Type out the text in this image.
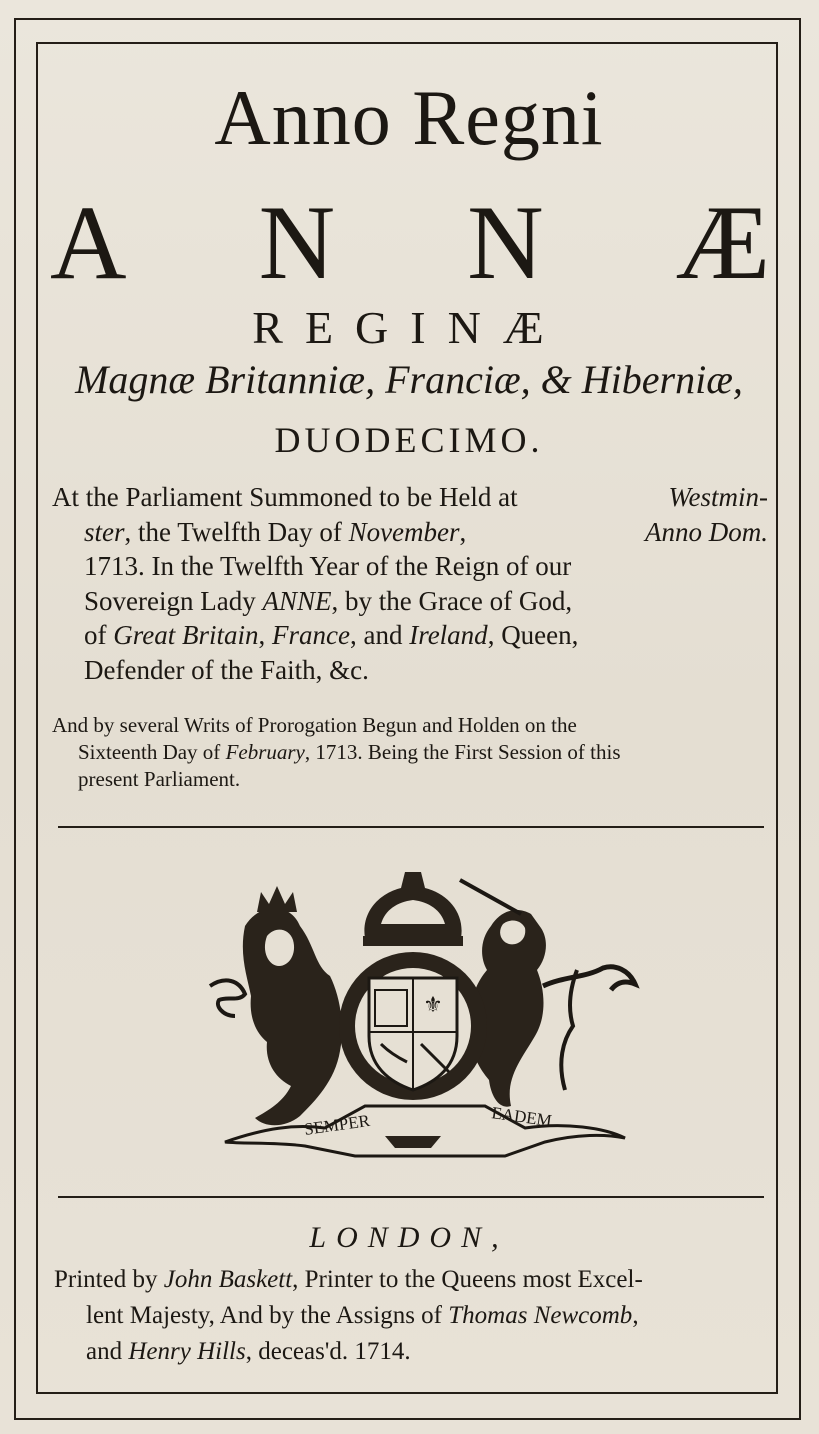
Anno Regni
A N N Æ
REGINÆ
Magnæ Britanniæ, Franciæ, & Hiberniæ,
DUODECIMO.
At the Parliament Summoned to be Held at	Westmin-
ster, the Twelfth Day of November,	Anno Dom.
1713. In the Twelfth Year of the Reign of our
Sovereign Lady ANNE, by the Grace of God,
of Great Britain, France, and Ireland, Queen,
Defender of the Faith, &c.
And by several Writs of Prorogation Begun and Holden on the
Sixteenth Day of February, 1713. Being the First Session of this
present Parliament.
SEMPER	EADEM
⚜
LONDON,
Printed by John Baskett, Printer to the Queens most Excel-
lent Majesty, And by the Assigns of Thomas Newcomb,
and Henry Hills, deceas'd. 1714.
